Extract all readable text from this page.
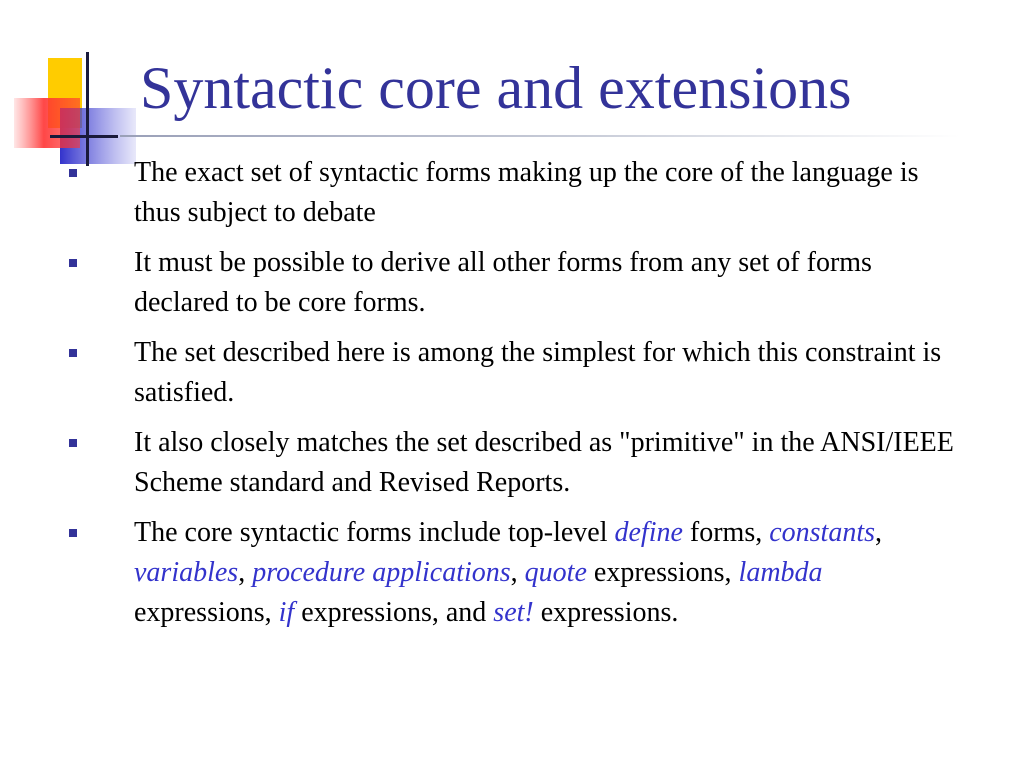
Syntactic core and extensions
The exact set of syntactic forms making up the core of the language is thus subject to debate
It must be possible to derive all other forms from any set of forms declared to be core forms.
The set described here is among the simplest for which this constraint is satisfied.
It also closely matches the set described as "primitive" in the ANSI/IEEE Scheme standard and Revised Reports.
The core syntactic forms include top-level define forms, constants, variables, procedure applications, quote expressions, lambda expressions, if expressions, and set! expressions.
